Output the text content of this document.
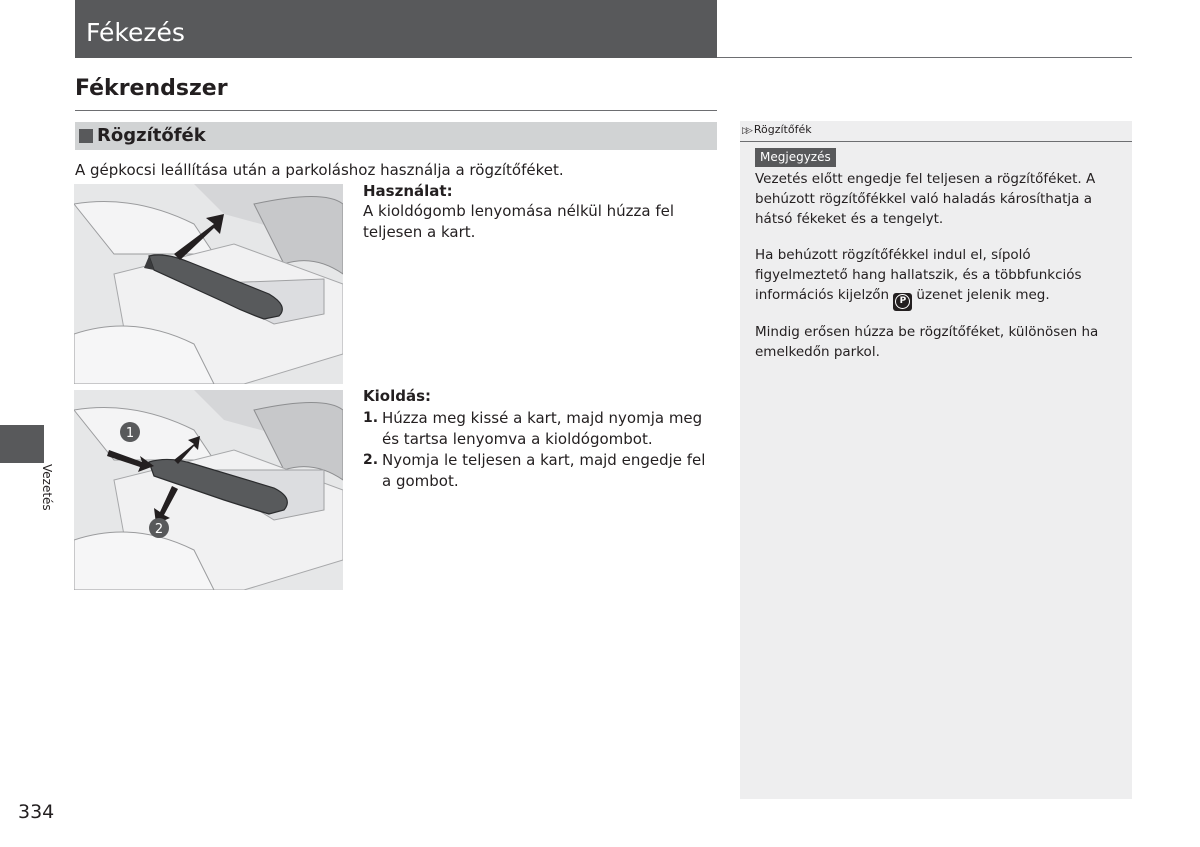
Fékezés
Fékrendszer
Rögzítőfék
A gépkocsi leállítása után a parkoláshoz használja a rögzítőféket.
1
2
Használat:
A kioldógomb lenyomása nélkül húzza fel teljesen a kart.
Kioldás:
1. Húzza meg kissé a kart, majd nyomja meg és tartsa lenyomva a kioldógombot.
2. Nyomja le teljesen a kart, majd engedje fel a gombot.
▷▷ Rögzítőfék
Megjegyzés
Vezetés előtt engedje fel teljesen a rögzítőféket. A behúzott rögzítőfékkel való haladás károsíthatja a hátsó fékeket és a tengelyt.
Ha behúzott rögzítőfékkel indul el, sípoló figyelmeztető hang hallatszik, és a többfunkciós információs kijelzőn	P üzenet jelenik meg.
Mindig erősen húzza be rögzítőféket, különösen ha emelkedőn parkol.
Vezetés
334
